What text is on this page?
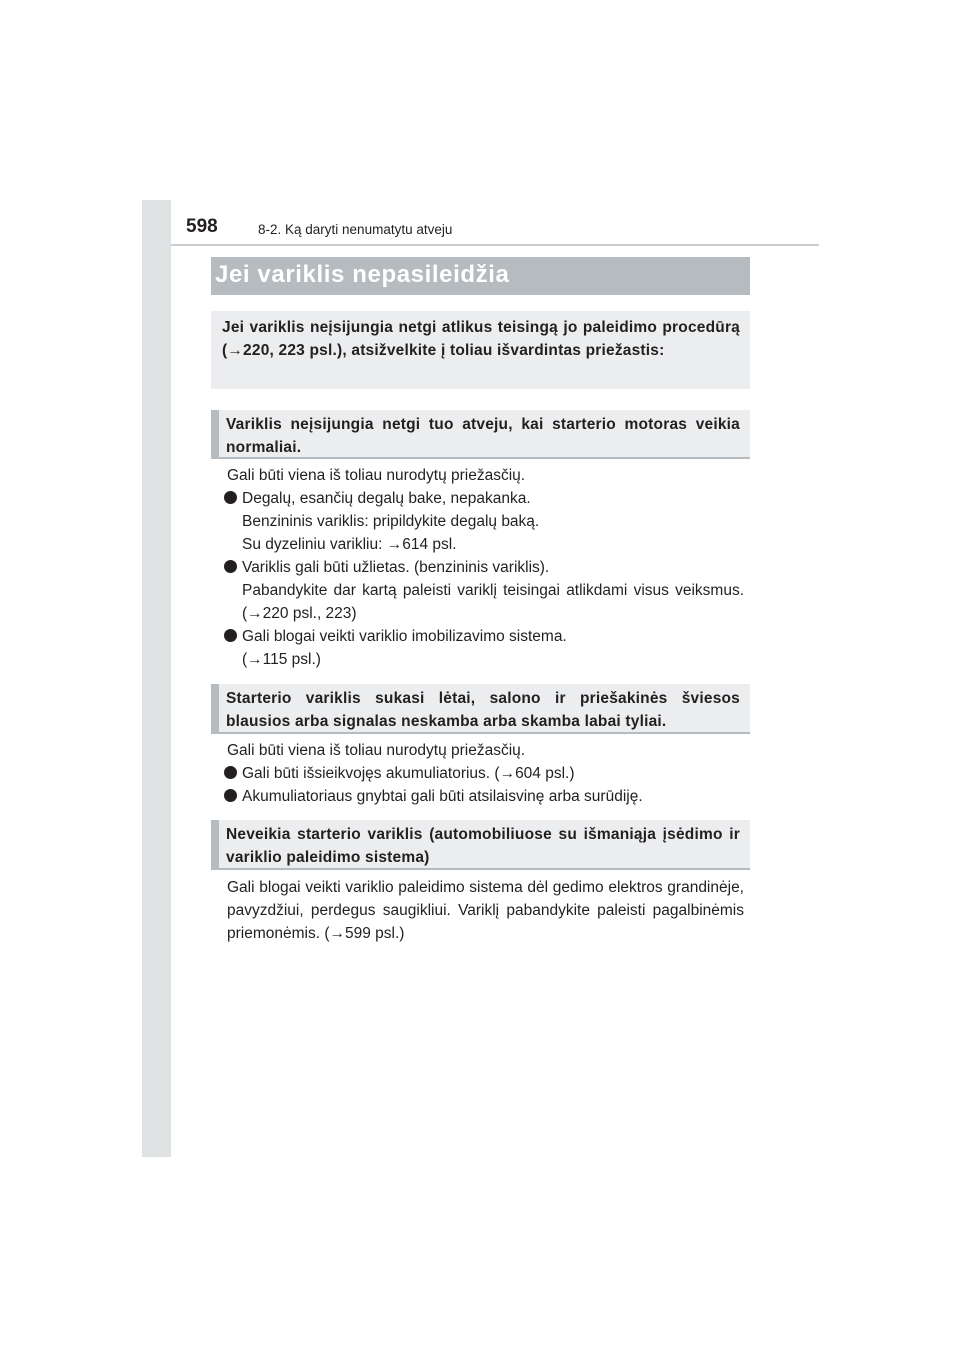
598	8-2. Ką daryti nenumatytu atveju
Jei variklis nepasileidžia

Jei variklis neįsijungia netgi atlikus teisingą jo paleidimo procedūrą (→220, 223 psl.), atsižvelkite į toliau išvardintas priežastis:

Variklis neįsijungia netgi tuo atveju, kai starterio motoras veikia normaliai.

Gali būti viena iš toliau nurodytų priežasčių.

Degalų, esančių degalų bake, nepakanka.
Benzininis variklis: pripildykite degalų baką.
Su dyzeliniu varikliu: →614 psl.
Variklis gali būti užlietas. (benzininis variklis).
Pabandykite dar kartą paleisti variklį teisingai atlikdami visus veiksmus. (→220 psl., 223)
Gali blogai veikti variklio imobilizavimo sistema.
(→115 psl.)

Starterio variklis sukasi lėtai, salono ir priešakinės šviesos blausios arba signalas neskamba arba skamba labai tyliai.

Gali būti viena iš toliau nurodytų priežasčių.

Gali būti išsieikvojęs akumuliatorius. (→604 psl.)
Akumuliatoriaus gnybtai gali būti atsilaisvinę arba surūdiję.

Neveikia starterio variklis (automobiliuose su išmaniąja įsėdimo ir variklio paleidimo sistema)

Gali blogai veikti variklio paleidimo sistema dėl gedimo elektros grandinėje, pavyzdžiui, perdegus saugikliui. Variklį pabandykite paleisti pagalbinėmis priemonėmis. (→599 psl.)
